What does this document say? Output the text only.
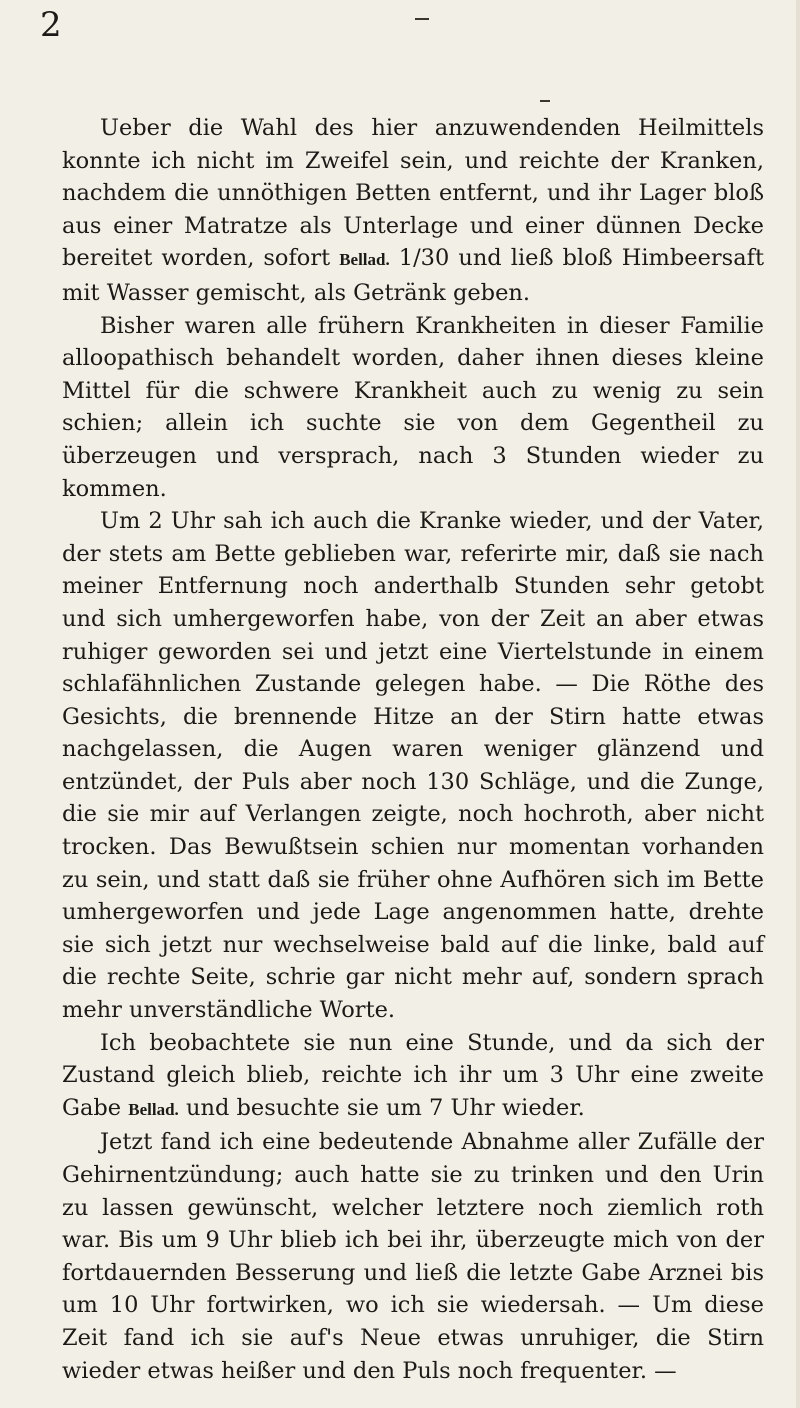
2

Ueber die Wahl des hier anzuwendenden Heilmittels konnte ich nicht im Zweifel sein, und reichte der Kranken, nachdem die unnöthigen Betten entfernt, und ihr Lager bloß aus einer Matratze als Unterlage und einer dünnen Decke bereitet worden, sofort Bellad. 1/30 und ließ bloß Himbeersaft mit Wasser gemischt, als Getränk geben.

Bisher waren alle frühern Krankheiten in dieser Familie alloopathisch behandelt worden, daher ihnen dieses kleine Mittel für die schwere Krankheit auch zu wenig zu sein schien; allein ich suchte sie von dem Gegentheil zu überzeugen und versprach, nach 3 Stunden wieder zu kommen.

Um 2 Uhr sah ich auch die Kranke wieder, und der Vater, der stets am Bette geblieben war, referirte mir, daß sie nach meiner Entfernung noch anderthalb Stunden sehr getobt und sich umhergeworfen habe, von der Zeit an aber etwas ruhiger geworden sei und jetzt eine Viertelstunde in einem schlafähnlichen Zustande gelegen habe. — Die Röthe des Gesichts, die brennende Hitze an der Stirn hatte etwas nachgelassen, die Augen waren weniger glänzend und entzündet, der Puls aber noch 130 Schläge, und die Zunge, die sie mir auf Verlangen zeigte, noch hochroth, aber nicht trocken. Das Bewußtsein schien nur momentan vorhanden zu sein, und statt daß sie früher ohne Aufhören sich im Bette umhergeworfen und jede Lage angenommen hatte, drehte sie sich jetzt nur wechselweise bald auf die linke, bald auf die rechte Seite, schrie gar nicht mehr auf, sondern sprach mehr unverständliche Worte.

Ich beobachtete sie nun eine Stunde, und da sich der Zustand gleich blieb, reichte ich ihr um 3 Uhr eine zweite Gabe Bellad. und besuchte sie um 7 Uhr wieder.

Jetzt fand ich eine bedeutende Abnahme aller Zufälle der Gehirnentzündung; auch hatte sie zu trinken und den Urin zu lassen gewünscht, welcher letztere noch ziemlich roth war. Bis um 9 Uhr blieb ich bei ihr, überzeugte mich von der fortdauernden Besserung und ließ die letzte Gabe Arznei bis um 10 Uhr fortwirken, wo ich sie wiedersah. — Um diese Zeit fand ich sie auf's Neue etwas unruhiger, die Stirn wieder etwas heißer und den Puls noch frequenter. —
